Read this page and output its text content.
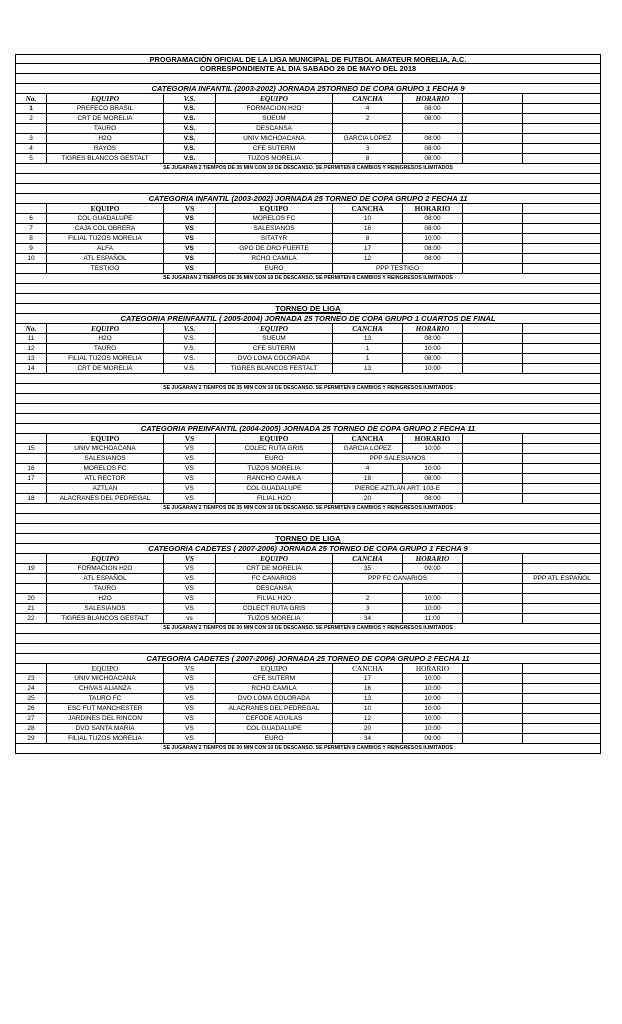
PROGRAMACIÓN OFICIAL DE LA LIGA MUNICIPAL DE FUTBOL AMATEUR MORELIA, A.C.
CORRESPONDIENTE AL DIA SABADO 26 DE MAYO DEL 2018
CATEGORIA INFANTIL (2003-2002) JORNADA 25TORNEO DE COPA GRUPO 1 FECHA 9
No.	EQUIPO	V.S.	EQUIPO	CANCHA	HORARIO
1	PREFECO BRASIL	V.S.	FORMACION H2O	4	08:00
2	CRT DE MORELIA	V.S.	SUEUM	2	08:00
TAURO	V.S.	DESCANSA
3	H2O	V.S.	UNIV MICHOACANA	GARCIA LOPEZ	08:00
4	RAYOS	V.S.	CFE SUTERM	3	08:00
5	TIGRES BLANCOS GESTALT	V.S.	TUZOS MORELIA	8	08:00
SE JUGARAN 2 TIEMPOS DE 35 MIN CON 10 DE DESCANSO. SE PERMITEN 8 CAMBIOS Y REINGRESOS ILIMITADOS
CATEGORIA INFANTIL (2003-2002) JORNADA 25 TORNEO DE COPA GRUPO 2 FECHA 11
EQUIPO	VS	EQUIPO	CANCHA	HORARIO
6	COL GUADALUPE	VS	MORELOS FC	10	08:00
7	CAJA COL OBRERA	VS	SALESIANOS	16	08:00
8	FILIAL TUZOS MORELIA	VS	SITATYR	8	10:00
9	ALFA	VS	GPO DE ORO FUERTE	17	08:00
10	ATL ESPAÑOL	VS	RCHO CAMILA	12	08:00
TESTIGO	VS	EURO	PPP TESTIGO
SE JUGARAN 2 TIEMPOS DE 35 MIN CON 10 DE DESCANSO. SE PERMITEN 8 CAMBIOS Y REINGRESOS ILIMITADOS
TORNEO DE LIGA
CATEGORIA PREINFANTIL ( 2005-2004) JORNADA 25 TORNEO DE COPA GRUPO 1 CUARTOS DE FINAL
No.	EQUIPO	V.S.	EQUIPO	CANCHA	HORARIO
11	H2O	V.S.	SUEUM	13	08:00
12	TAURO	V.S.	CFE SUTERM	1	10:00
13	FILIAL TUZOS MORELIA	V.S.	DVO LOMA COLORADA	1	08:00
14	CRT DE MORELIA	V.S.	TIGRES BLANCOS FESTALT	13	10:00
SE JUGARAN 2 TIEMPOS DE 35 MIN CON 10 DE DESCANSO. SE PERMITEN 8 CAMBIOS Y REINGRESOS ILIMITADOS
CATEGORIA PREINFANTIL (2004-2005) JORNADA 25 TORNEO DE COPA GRUPO 2 FECHA 11
EQUIPO	VS	EQUIPO	CANCHA	HORARIO
15	UNIV MICHOACANA	VS	COLEC RUTA GRIS	GARCIA LOPEZ	10:00
SALESIANOS	VS	EURO	PPP SALESIANOS
16	MORELOS FC	VS	TUZOS MORELIA	4	10:00
17	ATL RECTOR	VS	RANCHO CAMILA	18	08:00
AZTLAN	VS	COL GUADALUPE	PIERDE AZTLAN ART. 103-E
18	ALACRANES DEL PEDREGAL	VS	FILIAL H2O	20	08:00
SE JUGARAN 2 TIEMPOS DE 35 MIN CON 10 DE DESCANSO. SE PERMITEN 8 CAMBIOS Y REINGRESOS ILIMITADOS
TORNEO DE LIGA
CATEGORIA CADETES ( 2007-2006) JORNADA 25 TORNEO DE COPA GRUPO 1 FECHA 9
EQUIPO	VS	EQUIPO	CANCHA	HORARIO
19	FORMACION H2O	VS	CRT DE MORELIA	35	09:00
ATL ESPAÑOL	VS	FC CANARIOS	PPP FC CANARIOS	PPP ATL ESPAÑOL
TAURO	VS	DESCANSA
20	H2O	VS	FILIAL H2O	2	10:00
21	SALESIANOS	VS	COLECT RUTA GRIS	3	10:00
22	TIGRES BLANCOS GESTALT	vs	TUZOS MORELIA	34	11:00
SE JUGARAN 2 TIEMPOS DE 30 MIN CON 10 DE DESCANSO. SE PERMITEN 8 CAMBIOS Y REINGRESOS ILIMITADOS
CATEGORIA CADETES ( 2007-2006) JORNADA 25 TORNEO DE COPA GRUPO 2 FECHA 11
EQUIPO	VS	EQUIPO	CANCHA	HORARIO
23	UNIV MICHOACANA	VS	CFE SUTERM	17	10:00
24	CHIVAS ALIANZA	VS	RCHO CAMILA	16	10:00
25	TAURO FC	VS	DVO LOMA COLORADA	13	10:00
26	ESC FUT MANCHESTER	VS	ALACRANES DEL PEDREGAL	10	10:00
27	JARDINES DEL RINCON	VS	CEFODE AGUILAS	12	10:00
28	DVO SANTA MARIA	VS	COL GUADALUPE	20	10:00
29	FILIAL TUZOS MORELIA	VS	EURO	34	09:00
SE JUGARAN 2 TIEMPOS DE 30 MIN CON 10 DE DESCANSO. SE PERMITEN 8 CAMBIOS Y REINGRESOS ILIMITADOS
